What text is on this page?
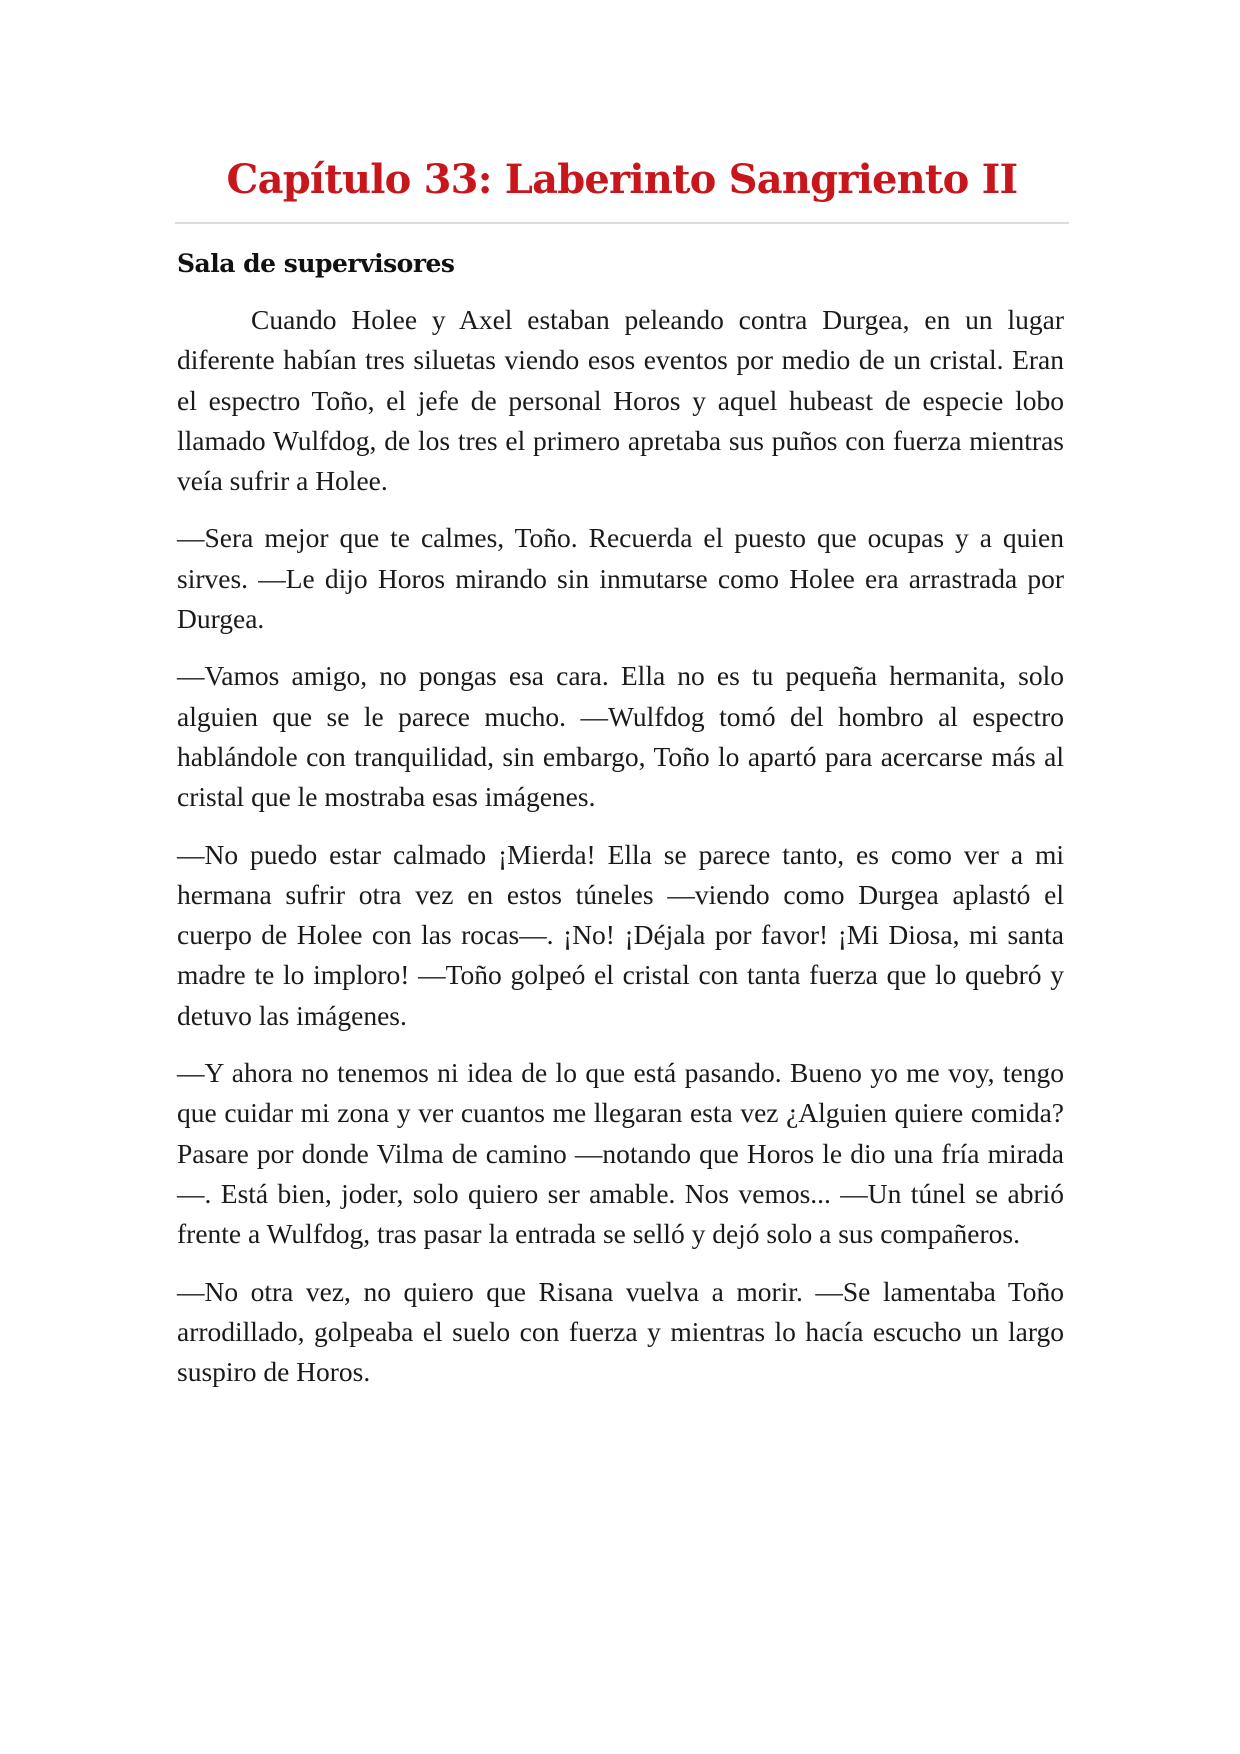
Capítulo 33: Laberinto Sangriento II
Sala de supervisores

Cuando Holee y Axel estaban peleando contra Durgea, en un lugar diferente habían tres siluetas viendo esos eventos por medio de un cristal. Eran el espectro Toño, el jefe de personal Horos y aquel hubeast de especie lobo llamado Wulfdog, de los tres el primero apretaba sus puños con fuerza mientras veía sufrir a Holee.

—Sera mejor que te calmes, Toño. Recuerda el puesto que ocupas y a quien sirves. —Le dijo Horos mirando sin inmutarse como Holee era arrastrada por Durgea.

—Vamos amigo, no pongas esa cara. Ella no es tu pequeña hermanita, solo alguien que se le parece mucho. —Wulfdog tomó del hombro al espectro hablándole con tranquilidad, sin embargo, Toño lo apartó para acercarse más al cristal que le mostraba esas imágenes.

—No puedo estar calmado ¡Mierda! Ella se parece tanto, es como ver a mi hermana sufrir otra vez en estos túneles —viendo como Durgea aplastó el cuerpo de Holee con las rocas—. ¡No! ¡Déjala por favor! ¡Mi Diosa, mi santa madre te lo imploro! —Toño golpeó el cristal con tanta fuerza que lo quebró y detuvo las imágenes.

—Y ahora no tenemos ni idea de lo que está pasando. Bueno yo me voy, tengo que cuidar mi zona y ver cuantos me llegaran esta vez ¿Alguien quiere comida? Pasare por donde Vilma de camino —notando que Horos le dio una fría mirada—. Está bien, joder, solo quiero ser amable. Nos vemos... —Un túnel se abrió frente a Wulfdog, tras pasar la entrada se selló y dejó solo a sus compañeros.

—No otra vez, no quiero que Risana vuelva a morir. —Se lamentaba Toño arrodillado, golpeaba el suelo con fuerza y mientras lo hacía escucho un largo suspiro de Horos.
